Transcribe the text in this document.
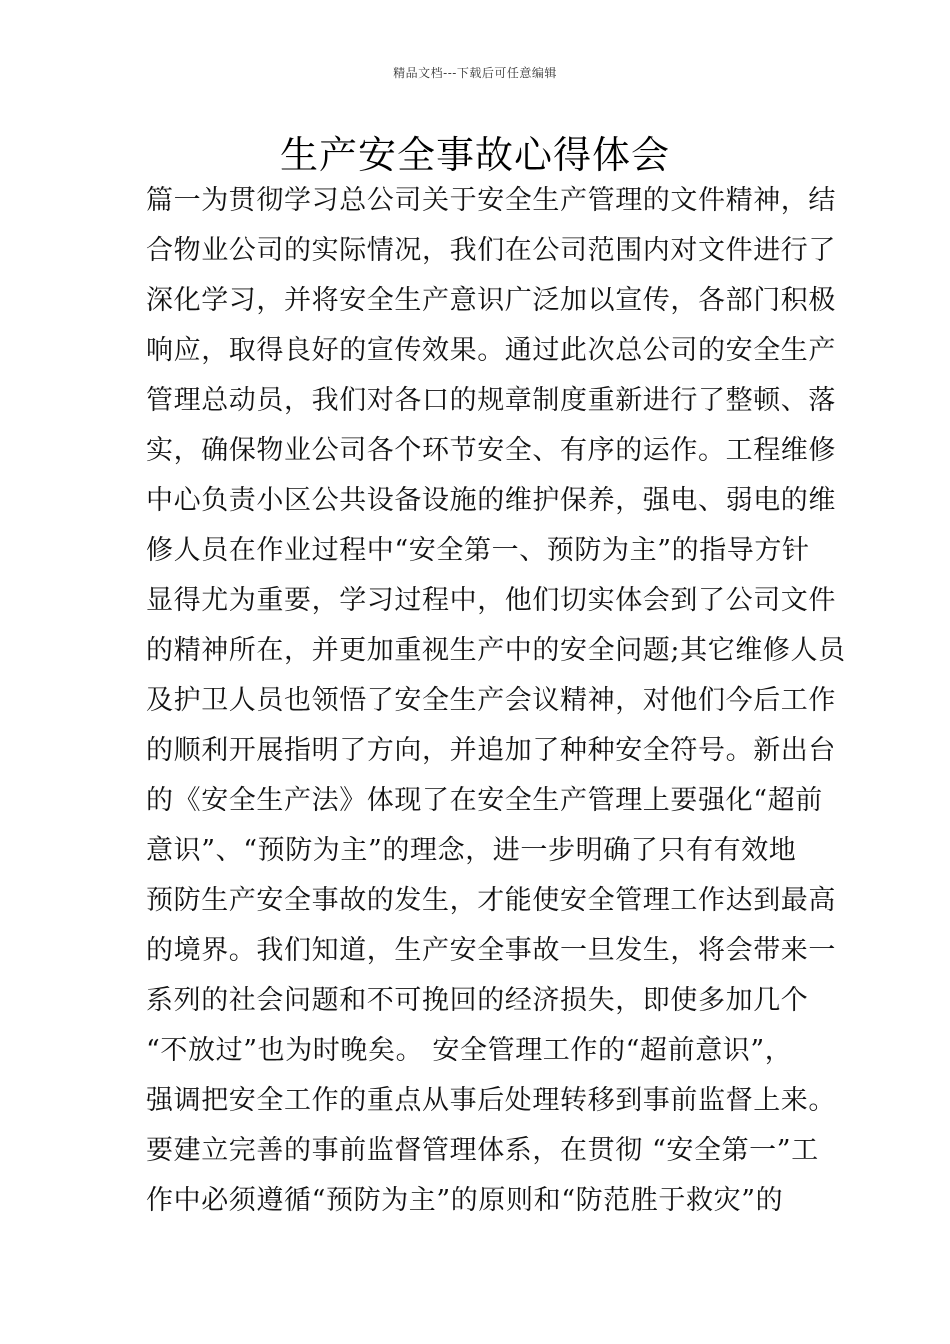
精品文档---下载后可任意编辑
生产安全事故心得体会
篇一为贯彻学习总公司关于安全生产管理的文件精神，结
合物业公司的实际情况，我们在公司范围内对文件进行了
深化学习，并将安全生产意识广泛加以宣传，各部门积极
响应，取得良好的宣传效果。通过此次总公司的安全生产
管理总动员，我们对各口的规章制度重新进行了整顿、落
实，确保物业公司各个环节安全、有序的运作。工程维修
中心负责小区公共设备设施的维护保养，强电、弱电的维
修人员在作业过程中“安全第一、预防为主”的指导方针
显得尤为重要，学习过程中，他们切实体会到了公司文件
的精神所在，并更加重视生产中的安全问题;其它维修人员
及护卫人员也领悟了安全生产会议精神，对他们今后工作
的顺利开展指明了方向，并追加了种种安全符号。新出台
的《安全生产法》体现了在安全生产管理上要强化“超前
意识”、“预防为主”的理念，进一步明确了只有有效地
预防生产安全事故的发生，才能使安全管理工作达到最高
的境界。我们知道，生产安全事故一旦发生，将会带来一
系列的社会问题和不可挽回的经济损失，即使多加几个
“不放过”也为时晚矣。 安全管理工作的“超前意识”，
强调把安全工作的重点从事后处理转移到事前监督上来。
要建立完善的事前监督管理体系，在贯彻 “安全第一”工
作中必须遵循“预防为主”的原则和“防范胜于救灾”的
